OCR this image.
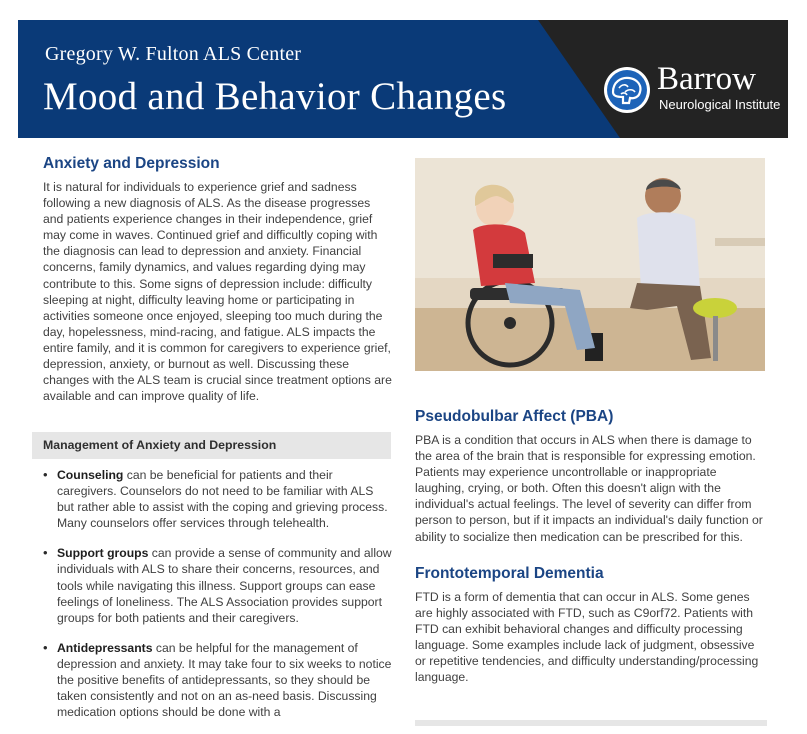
Gregory W. Fulton ALS Center
Mood and Behavior Changes	Barrow
Neurological Institute
Anxiety and Depression

It is natural for individuals to experience grief and sadness following a new diagnosis of ALS. As the disease progresses and patients experience changes in their independence, grief may come in waves. Continued grief and difficultly coping with the diagnosis can lead to depression and anxiety. Financial concerns, family dynamics, and values regarding dying may contribute to this. Some signs of depression include: difficulty sleeping at night, difficulty leaving home or participating in activities someone once enjoyed, sleeping too much during the day, hopelessness, mind-racing, and fatigue. ALS impacts the entire family, and it is common for caregivers to experience grief, depression, anxiety, or burnout as well. Discussing these changes with the ALS team is crucial since treatment options are available and can improve quality of life.

Management of Anxiety and Depression
• Counseling can be beneficial for patients and their caregivers. Counselors do not need to be familiar with ALS but rather able to assist with the coping and grieving process. Many counselors offer services through telehealth.
• Support groups can provide a sense of community and allow individuals with ALS to share their concerns, resources, and tools while navigating this illness. Support groups can ease feelings of loneliness. The ALS Association provides support groups for both patients and their caregivers.
• Antidepressants can be helpful for the management of depression and anxiety. It may take four to six weeks to notice the positive benefits of antidepressants, so they should be taken consistently and not on an as-need basis. Discussing medication options should be done with a
Pseudobulbar Affect (PBA)

PBA is a condition that occurs in ALS when there is damage to the area of the brain that is responsible for expressing emotion. Patients may experience uncontrollable or inappropriate laughing, crying, or both. Often this doesn't align with the individual's actual feelings. The level of severity can differ from person to person, but if it impacts an individual's daily function or ability to socialize then medication can be prescribed for this.

Frontotemporal Dementia

FTD is a form of dementia that can occur in ALS. Some genes are highly associated with FTD, such as C9orf72. Patients with FTD can exhibit behavioral changes and difficulty processing language. Some examples include lack of judgment, obsessive or repetitive tendencies, and difficulty understanding/processing language.
